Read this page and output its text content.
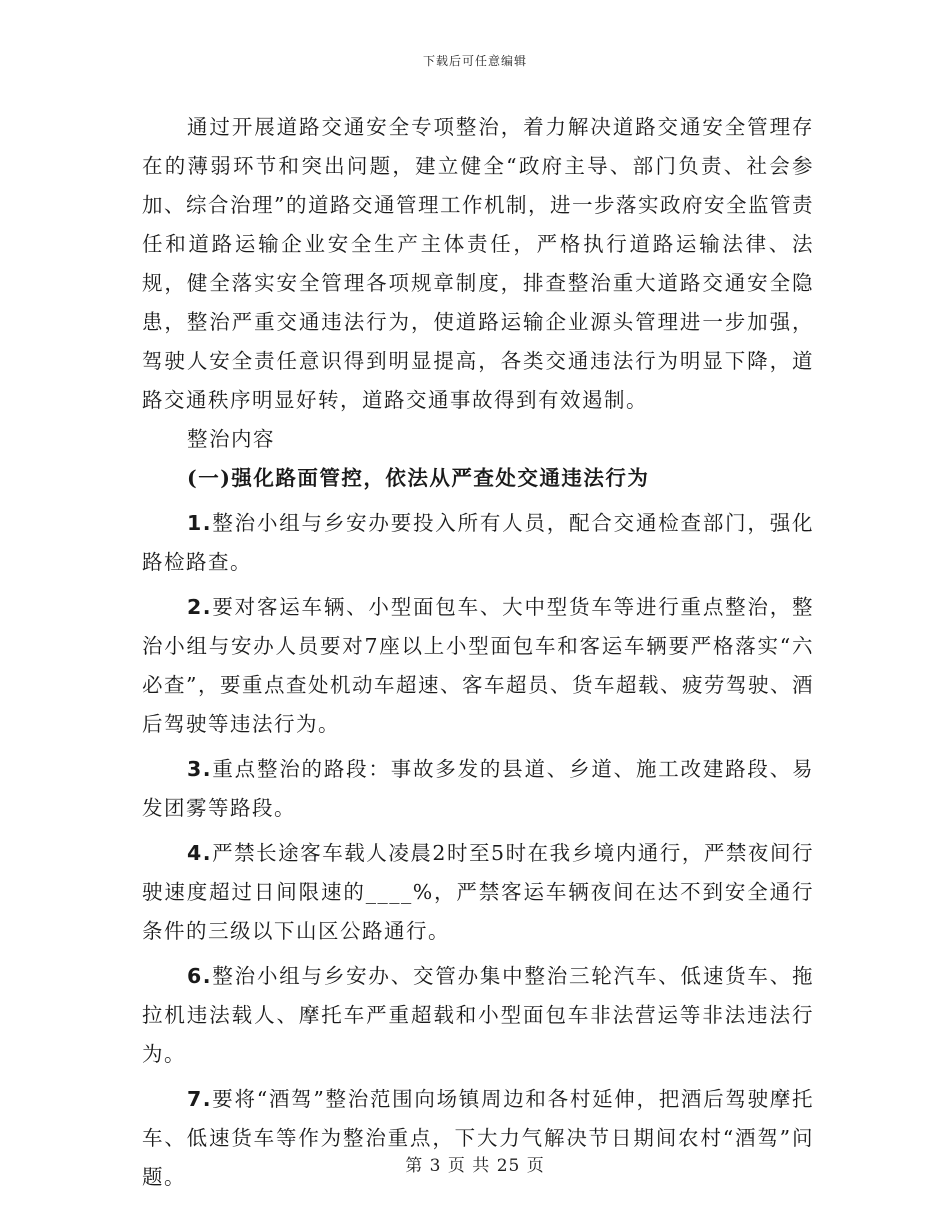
下载后可任意编辑

通过开展道路交通安全专项整治，着力解决道路交通安全管理存在的薄弱环节和突出问题，建立健全“政府主导、部门负责、社会参加、综合治理”的道路交通管理工作机制，进一步落实政府安全监管责任和道路运输企业安全生产主体责任，严格执行道路运输法律、法规，健全落实安全管理各项规章制度，排查整治重大道路交通安全隐患，整治严重交通违法行为，使道路运输企业源头管理进一步加强，驾驶人安全责任意识得到明显提高，各类交通违法行为明显下降，道路交通秩序明显好转，道路交通事故得到有效遏制。

整治内容

(一)强化路面管控，依法从严查处交通违法行为

1.整治小组与乡安办要投入所有人员，配合交通检查部门，强化路检路查。

2.要对客运车辆、小型面包车、大中型货车等进行重点整治，整治小组与安办人员要对7座以上小型面包车和客运车辆要严格落实“六必查”，要重点查处机动车超速、客车超员、货车超载、疲劳驾驶、酒后驾驶等违法行为。

3.重点整治的路段：事故多发的县道、乡道、施工改建路段、易发团雾等路段。

4.严禁长途客车载人凌晨2时至5时在我乡境内通行，严禁夜间行驶速度超过日间限速的____%，严禁客运车辆夜间在达不到安全通行条件的三级以下山区公路通行。

6.整治小组与乡安办、交管办集中整治三轮汽车、低速货车、拖拉机违法载人、摩托车严重超载和小型面包车非法营运等非法违法行为。

7.要将“酒驾”整治范围向场镇周边和各村延伸，把酒后驾驶摩托车、低速货车等作为整治重点，下大力气解决节日期间农村“酒驾”问题。	第 3 页 共 25 页
